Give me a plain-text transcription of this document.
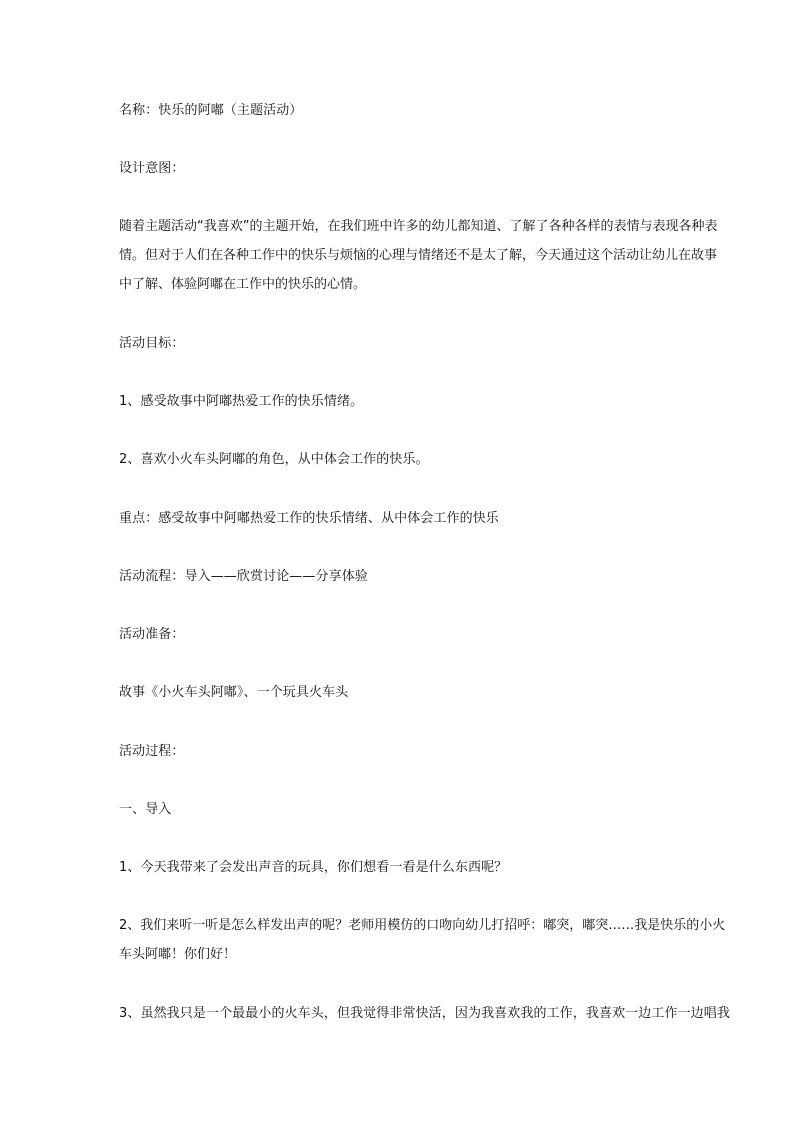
名称：快乐的阿嘟（主题活动）
设计意图：
随着主题活动“我喜欢”的主题开始，在我们班中许多的幼儿都知道、了解了各种各样的表情与表现各种表
情。但对于人们在各种工作中的快乐与烦恼的心理与情绪还不是太了解，今天通过这个活动让幼儿在故事
中了解、体验阿嘟在工作中的快乐的心情。
活动目标：
1、感受故事中阿嘟热爱工作的快乐情绪。
2、喜欢小火车头阿嘟的角色，从中体会工作的快乐。
重点：感受故事中阿嘟热爱工作的快乐情绪、从中体会工作的快乐
活动流程：导入——欣赏讨论——分享体验
活动准备：
故事《小火车头阿嘟》、一个玩具火车头
活动过程：
一、导入
1、今天我带来了会发出声音的玩具，你们想看一看是什么东西呢？
2、我们来听一听是怎么样发出声的呢？老师用模仿的口吻向幼儿打招呼：嘟突，嘟突……我是快乐的小火
车头阿嘟！你们好！
3、虽然我只是一个最最小的火车头，但我觉得非常快活，因为我喜欢我的工作，我喜欢一边工作一边唱我
